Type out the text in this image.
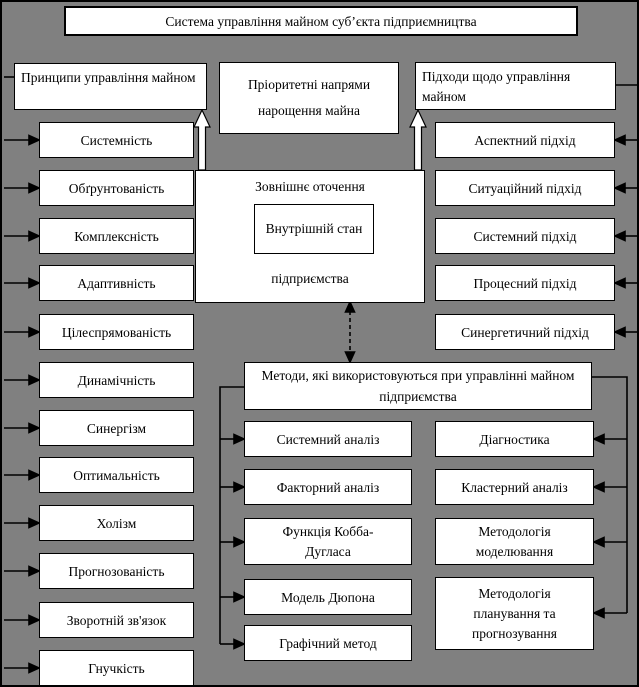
Система управління майном суб’єкта підприємництва
Принципи управління майном	Пріоритетні напрями нарощення майна
Підходи щодо управління майном
Системність
Обґрунтованість
Комплексність
Адаптивність
Цілеспрямованість
Динамічність
Синергізм
Оптимальність
Холізм
Прогнозованість
Зворотній зв'язок
Гнучкість
Аспектний підхід
Ситуаційний підхід
Системний підхід
Процесний підхід
Синергетичний підхід
Зовнішнє оточення
Внутрішній стан
підприємства
Методи, які використовуються при управлінні майном підприємства
Системний аналіз
Факторний аналіз
Функція Кобба-Дугласа
Модель Дюпона
Графічний метод
Діагностика
Кластерний аналіз
Методологія моделювання
Методологія планування та прогнозування
